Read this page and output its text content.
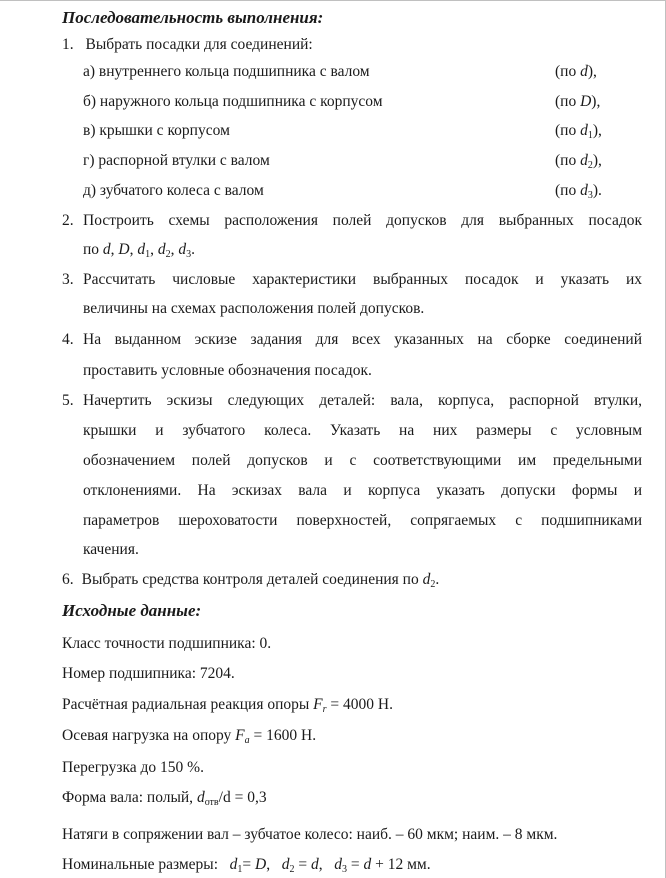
Последовательность выполнения:
1. Выбрать посадки для соединений:
а) внутреннего кольца подшипника с валом	(по d),
б) наружного кольца подшипника с корпусом	(по D),
в) крышки с корпусом	(по $d_1$),
г) распорной втулки с валом	(по $d_2$),
д) зубчатого колеса с валом	(по $d_3$).
2. Построить схемы расположения полей допусков для выбранных посадок
по d, D, $d_1$, $d_2$, $d_3$.
3. Рассчитать числовые характеристики выбранных посадок и указать их
величины на схемах расположения полей допусков.
4. На выданном эскизе задания для всех указанных на сборке соединений
проставить условные обозначения посадок.
5. Начертить эскизы следующих деталей: вала, корпуса, распорной втулки,
крышки и зубчатого колеса. Указать на них размеры с условным
обозначением полей допусков и с соответствующими им предельными
отклонениями. На эскизах вала и корпуса указать допуски формы и
параметров шероховатости поверхностей, сопрягаемых с подшипниками
качения.
6. Выбрать средства контроля деталей соединения по $d_2$.
Исходные данные:
Класс точности подшипника: 0.
Номер подшипника: 7204.
Расчётная радиальная реакция опоры $F_r = 4000$ Н.
Осевая нагрузка на опору $F_a = 1600$ Н.
Перегрузка до 150 %.
Форма вала: полый, $d_{отв}/d = 0,3$
Натяги в сопряжении вал – зубчатое колесо: наиб. – 60 мкм; наим. – 8 мкм.
Номинальные размеры: $d_1= D$,   $d_2 = d$,   $d_3 = d + 12$ мм.
